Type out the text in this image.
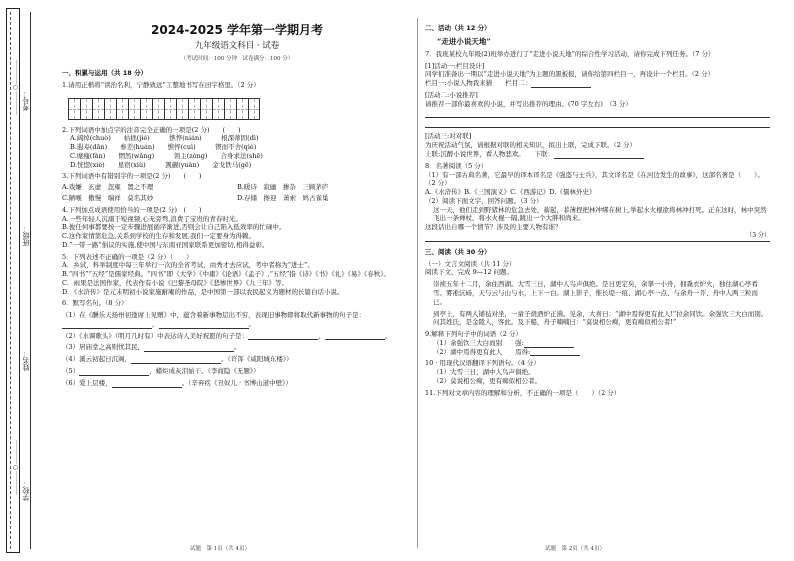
学校：
姓名：
班级：
考号：
…………○…………
…………○…………
2024-2025 学年第一学期月考
九年级语文科目 · 试卷
（考试时间：100 分钟　试卷满分：100 分）
一、积累与运用（共 18 分）
1.请用正楷将“读治名利，宁静致远”工整地书写在田字格里。（2 分）
2.下列词语中加点字的注音完全正确的一项是(2 分)　　(　　)
A.阔绰(chuò)　　枯拙(jié)　　　憔悴(nián)　　　根深蒂固(dì)
B.遐寿(dān)　　参差(huán)　　憔悴(cuì)　　　锲而不舍(qiè)
C.麾瘦(fàn)　　惘然(wǎng)　　　领主(zǒng)　　合身求法(shē)
D.恍惚(xiè)　　星宿(xiù)　　　觊觎(yuàn)　　金戈铁马(gē)
3.下列词语中有错别字的一项是(2 分)　　(　　)
A.戏嫌　玄虚　忽雍　置之不理	B.暖诗　寂幽　掺杂　三顾茅庐
C.陋喉　傲慢　端祥　莫名其妙	D.存储　搀迎　萧索　鸠占雀巢
4.下列加点成语使用恰当的一项是(2 分)　(　　)
A.一些年轻人沉溺于短视频,心无旁骛,浪费了宝贵的青春时光。
B.俊任何事都要按一定步骤进展循序渐进,否则会让自己陷入低效率的忙碌中。
C.这作家情第危急,关系到学校的生存和发展,我们一定要身为得赖。
D.“一带一路”倡议的实施,使中国与东南亚国家联系更加密切,相得益彰。
5．下列表述不正确的一项是（2 分）（　　）
A．乡试，科举制度中每三年举行一次的全省考试，由秀才去应试，考中者称为“进士”。
B.“四书”“五经”是儒家经典。“四书”即《大学》《中庸》《论语》《孟子》,“五经”指《诗》《书》《礼》《易》《春秋》。
C．雨果是法国作家，代表作有小说《巴黎圣母院》《悲惨世界》《九三年》等。
D．《水浒传》是元末明初小说家施耐庵的作品，是中国第一部以农民起义为题材的长篇白话小说。
6．默写名句。（8 分）
（1）在《酬乐天扬州初逢席上见赠》中，蕴含着新事物层出不穷，表现旧事物即将取代新事物的句子是：，	。
（2）《水调歌头》（明月几时有）中表达诗人美好祝愿的句子是：	，	。
（3）居庙堂之高则忧其民，	。
（4）溪云初起日沉阁，	。（许浑《咸阳城东楼》）
（5）	，蜡炬成灰泪始干。（李商隐《无题》）
（6）爱上层楼，	。（辛弃疾《丑奴儿 · 书博山道中壁》）
试题　第 1页（共 4页）
二、活动（共 12 分）
“走进小说天地”
7．我班某校九年级(2)班举办进行了“走进小说天地”的综合性学习活动，请你完成下列任务。（7 分）
[1]活动一:栏目设计]
同学们准备出一期以“走进小说天地”为主题的黑板报，请你给第四栏目一，再设计一个栏目。（2 分）
栏目一:小说人物我来猜　　栏目二：
[活动二:小说推荐]
请推荐一部你最喜欢的小说，并写出推荐的理由。(70 字左右)　（3 分）
[活动三:对对联]
为庆祝活动气氛，请根据对联的相关知识，拟出上联，完成下联。（2 分）
上联:沉醉小说世界，看人物悲欢。　　下联：
8．名著阅读（5 分）
（1）有一部古典名著，它最早的译本译名是《强盗与士兵》，其文译名是《在河边发生的故事》，这部名著是（　　）。（2 分）
A.《水浒传》B.《三国演义》C.《西游记》D.《儒林外史》
（2）阅读下面文字，回答问题。（3 分）
这一天，他们走到野猪林的危急去处，蓄起，菲薄捏把林冲绑在树上,举起水火棍欲将林冲打死。正在这时，林中突然飞出一条禅杖，将水火棍一隔,跳出一个大胖和尚来。
这段话出自哪一个情节？涉及的主要人物有谁？
（3 分）
三、阅读（共 30 分）
（一）文言文阅读（共 11 分）
阅读下文，完成 9—12 问题。
崇祯五年十二月，余住西湖。大雪三日，湖中人鸟声俱绝。是日更定矣，余拏一小舟，拥毳衣炉火，独往湖心亭看雪。雾凇沆砀，天与云与山与水，上下一白。湖上影子，惟长堤一痕、湖心亭一点、与余舟一芥、舟中人两三粒而已。
到亭上，有两人铺毡对坐，一童子烧酒炉正沸。见余，大喜曰：“湖中焉得更有此人!”拉余同饮。余强饮三大白而别。问其姓氏，是金陵人，客此。及下船，舟子喃喃曰：“莫说相公痴，更有痴似相公者!”
9.解释下列句子中的词语（2 分）
（1）余强饮三大白而别　　强:
（2）湖中焉得更有此人　　焉得:
10 · 用现代汉语翻译下列语句。（4 分）
（1）大雪三日，湖中人鸟声俱绝。
（2）莫说相公痴，更有痴似相公者。
11.下列对文章内容的理解和分析，不正确的一项是（　　）（2 分）
试题　第 2页（共 4页）
